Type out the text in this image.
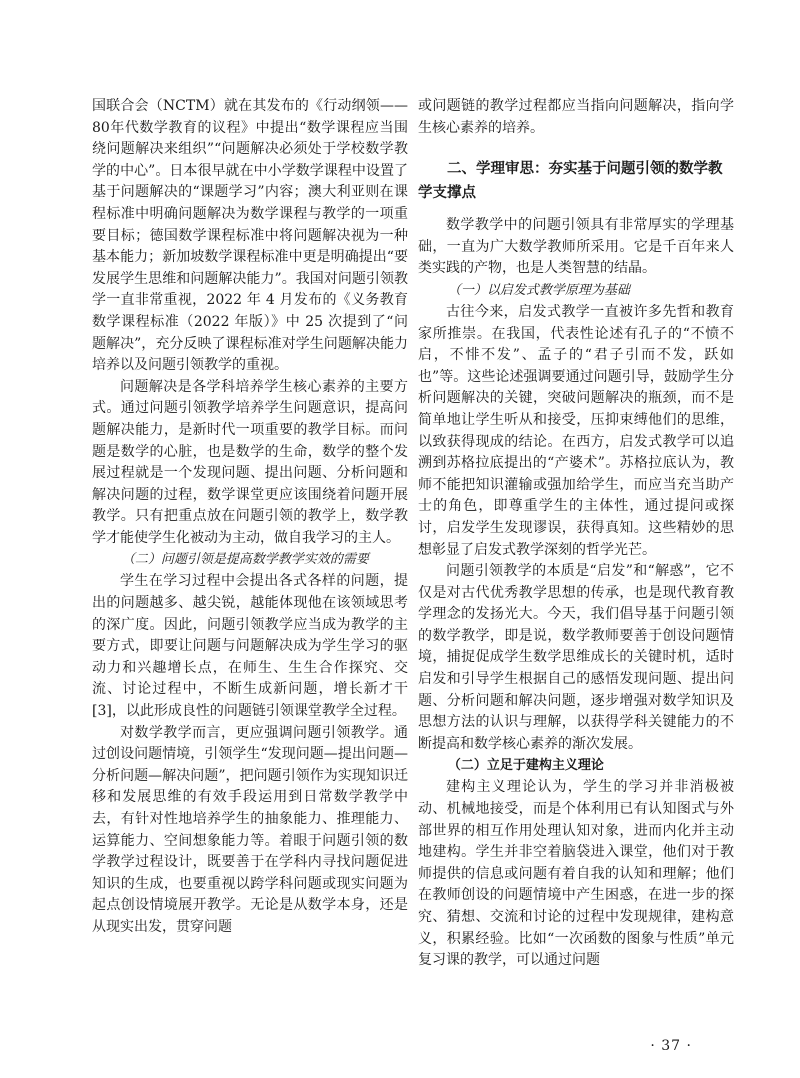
国联合会（NCTM）就在其发布的《行动纲领——80年代数学教育的议程》中提出“数学课程应当围绕问题解决来组织”“问题解决必须处于学校数学教学的中心”。日本很早就在中小学数学课程中设置了基于问题解决的“课题学习”内容；澳大利亚则在课程标准中明确问题解决为数学课程与教学的一项重要目标；德国数学课程标准中将问题解决视为一种基本能力；新加坡数学课程标准中更是明确提出“要发展学生思维和问题解决能力”。我国对问题引领教学一直非常重视，2022 年 4 月发布的《义务教育数学课程标准（2022 年版）》中 25 次提到了“问题解决”，充分反映了课程标准对学生问题解决能力培养以及问题引领教学的重视。

问题解决是各学科培养学生核心素养的主要方式。通过问题引领教学培养学生问题意识，提高问题解决能力，是新时代一项重要的教学目标。而问题是数学的心脏，也是数学的生命，数学的整个发展过程就是一个发现问题、提出问题、分析问题和解决问题的过程，数学课堂更应该围绕着问题开展教学。只有把重点放在问题引领的教学上，数学教学才能使学生化被动为主动，做自我学习的主人。

（二）问题引领是提高数学教学实效的需要

学生在学习过程中会提出各式各样的问题，提出的问题越多、越尖锐，越能体现他在该领域思考的深广度。因此，问题引领教学应当成为教学的主要方式，即要让问题与问题解决成为学生学习的驱动力和兴趣增长点，在师生、生生合作探究、交流、讨论过程中，不断生成新问题，增长新才干[3]，以此形成良性的问题链引领课堂教学全过程。

对数学教学而言，更应强调问题引领教学。通过创设问题情境，引领学生“发现问题—提出问题—分析问题—解决问题”，把问题引领作为实现知识迁移和发展思维的有效手段运用到日常数学教学中去，有针对性地培养学生的抽象能力、推理能力、运算能力、空间想象能力等。着眼于问题引领的数学教学过程设计，既要善于在学科内寻找问题促进知识的生成，也要重视以跨学科问题或现实问题为起点创设情境展开教学。无论是从数学本身，还是从现实出发，贯穿问题

或问题链的教学过程都应当指向问题解决，指向学生核心素养的培养。

二、学理审思：夯实基于问题引领的数学教学支撑点

数学教学中的问题引领具有非常厚实的学理基础，一直为广大数学教师所采用。它是千百年来人类实践的产物，也是人类智慧的结晶。

（一）以启发式教学原理为基础

古往今来，启发式教学一直被许多先哲和教育家所推崇。在我国，代表性论述有孔子的“不愤不启，不悱不发”、孟子的“君子引而不发，跃如也”等。这些论述强调要通过问题引导，鼓励学生分析问题解决的关键，突破问题解决的瓶颈，而不是简单地让学生听从和接受，压抑束缚他们的思维，以致获得现成的结论。在西方，启发式教学可以追溯到苏格拉底提出的“产婆术”。苏格拉底认为，教师不能把知识灌输或强加给学生，而应当充当助产士的角色，即尊重学生的主体性，通过提问或探讨，启发学生发现谬误，获得真知。这些精妙的思想彰显了启发式教学深刻的哲学光芒。

问题引领教学的本质是“启发”和“解惑”，它不仅是对古代优秀教学思想的传承，也是现代教育教学理念的发扬光大。今天，我们倡导基于问题引领的数学教学，即是说，数学教师要善于创设问题情境，捕捉促成学生数学思维成长的关键时机，适时启发和引导学生根据自己的感悟发现问题、提出问题、分析问题和解决问题，逐步增强对数学知识及思想方法的认识与理解，以获得学科关键能力的不断提高和数学核心素养的渐次发展。

（二）立足于建构主义理论

建构主义理论认为，学生的学习并非消极被动、机械地接受，而是个体利用已有认知图式与外部世界的相互作用处理认知对象，进而内化并主动地建构。学生并非空着脑袋进入课堂，他们对于教师提供的信息或问题有着自我的认知和理解；他们在教师创设的问题情境中产生困惑，在进一步的探究、猜想、交流和讨论的过程中发现规律，建构意义，积累经验。比如“一次函数的图象与性质”单元复习课的教学，可以通过问题

· 37 ·
